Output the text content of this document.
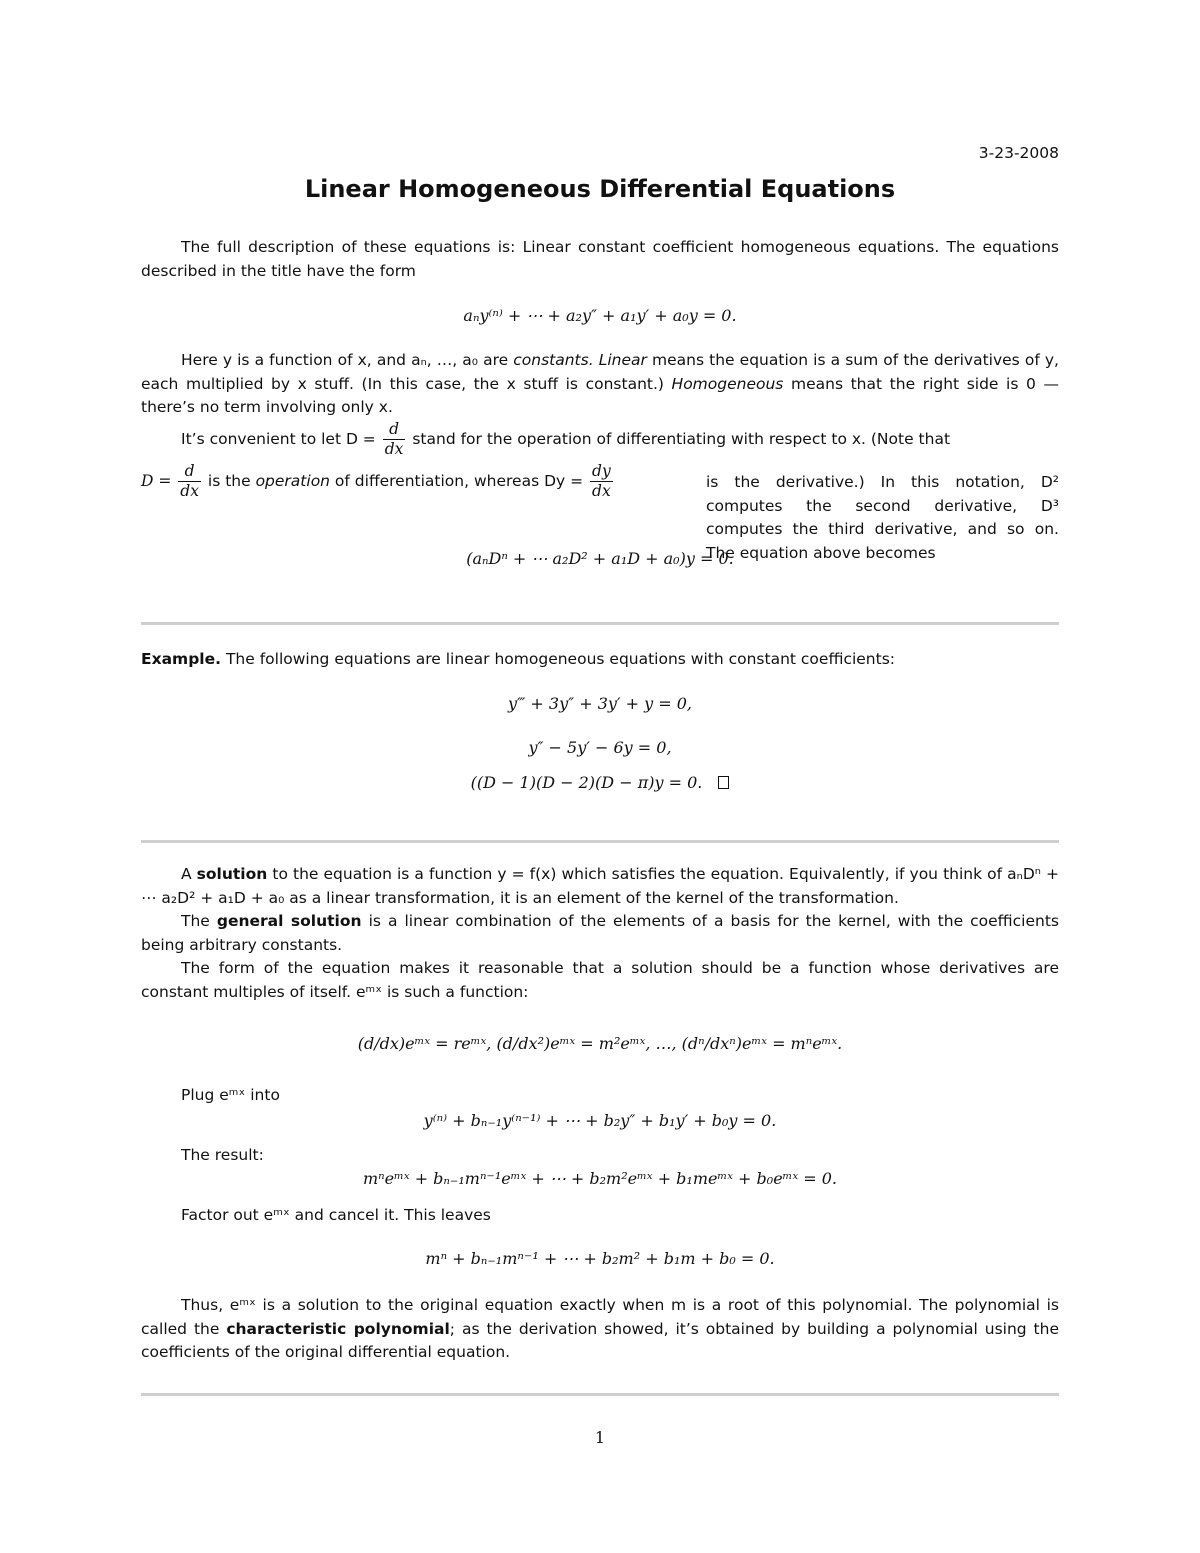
3-23-2008
Linear Homogeneous Differential Equations

The full description of these equations is: Linear constant coefficient homogeneous equations. The equations described in the title have the form

aₙy⁽ⁿ⁾ + ⋯ + a₂y″ + a₁y′ + a₀y = 0.

Here y is a function of x, and aₙ, …, a₀ are constants. Linear means the equation is a sum of the derivatives of y, each multiplied by x stuff. (In this case, the x stuff is constant.) Homogeneous means that the right side is 0 — there’s no term involving only x.

It’s convenient to let $D = \frac{d}{dx}$ stand for the operation of differentiating with respect to x. (Note that
$D = \frac{d}{dx}$ is the operation of differentiation, whereas $Dy = \frac{dy}{dx}$	is the derivative.) In this notation, D² computes the second derivative, D³ computes the third derivative, and so on. The equation above becomes
(aₙDⁿ + ⋯ a₂D² + a₁D + a₀)y = 0.

Example. The following equations are linear homogeneous equations with constant coefficients:

y‴ + 3y″ + 3y′ + y = 0,
y″ − 5y′ − 6y = 0,
((D − 1)(D − 2)(D − π)y = 0.

A solution to the equation is a function y = f(x) which satisfies the equation. Equivalently, if you think of aₙDⁿ + ⋯ a₂D² + a₁D + a₀ as a linear transformation, it is an element of the kernel of the transformation.

The general solution is a linear combination of the elements of a basis for the kernel, with the coefficients being arbitrary constants.

The form of the equation makes it reasonable that a solution should be a function whose derivatives are constant multiples of itself. eᵐˣ is such a function:

(d/dx)eᵐˣ = reᵐˣ, (d/dx²)eᵐˣ = m²eᵐˣ, …, (dⁿ/dxⁿ)eᵐˣ = mⁿeᵐˣ.
Plug eᵐˣ into
y⁽ⁿ⁾ + bₙ₋₁y⁽ⁿ⁻¹⁾ + ⋯ + b₂y″ + b₁y′ + b₀y = 0.
The result:
mⁿeᵐˣ + bₙ₋₁mⁿ⁻¹eᵐˣ + ⋯ + b₂m²eᵐˣ + b₁meᵐˣ + b₀eᵐˣ = 0.
Factor out eᵐˣ and cancel it. This leaves
mⁿ + bₙ₋₁mⁿ⁻¹ + ⋯ + b₂m² + b₁m + b₀ = 0.

Thus, eᵐˣ is a solution to the original equation exactly when m is a root of this polynomial. The polynomial is called the characteristic polynomial; as the derivation showed, it’s obtained by building a polynomial using the coefficients of the original differential equation.

1
